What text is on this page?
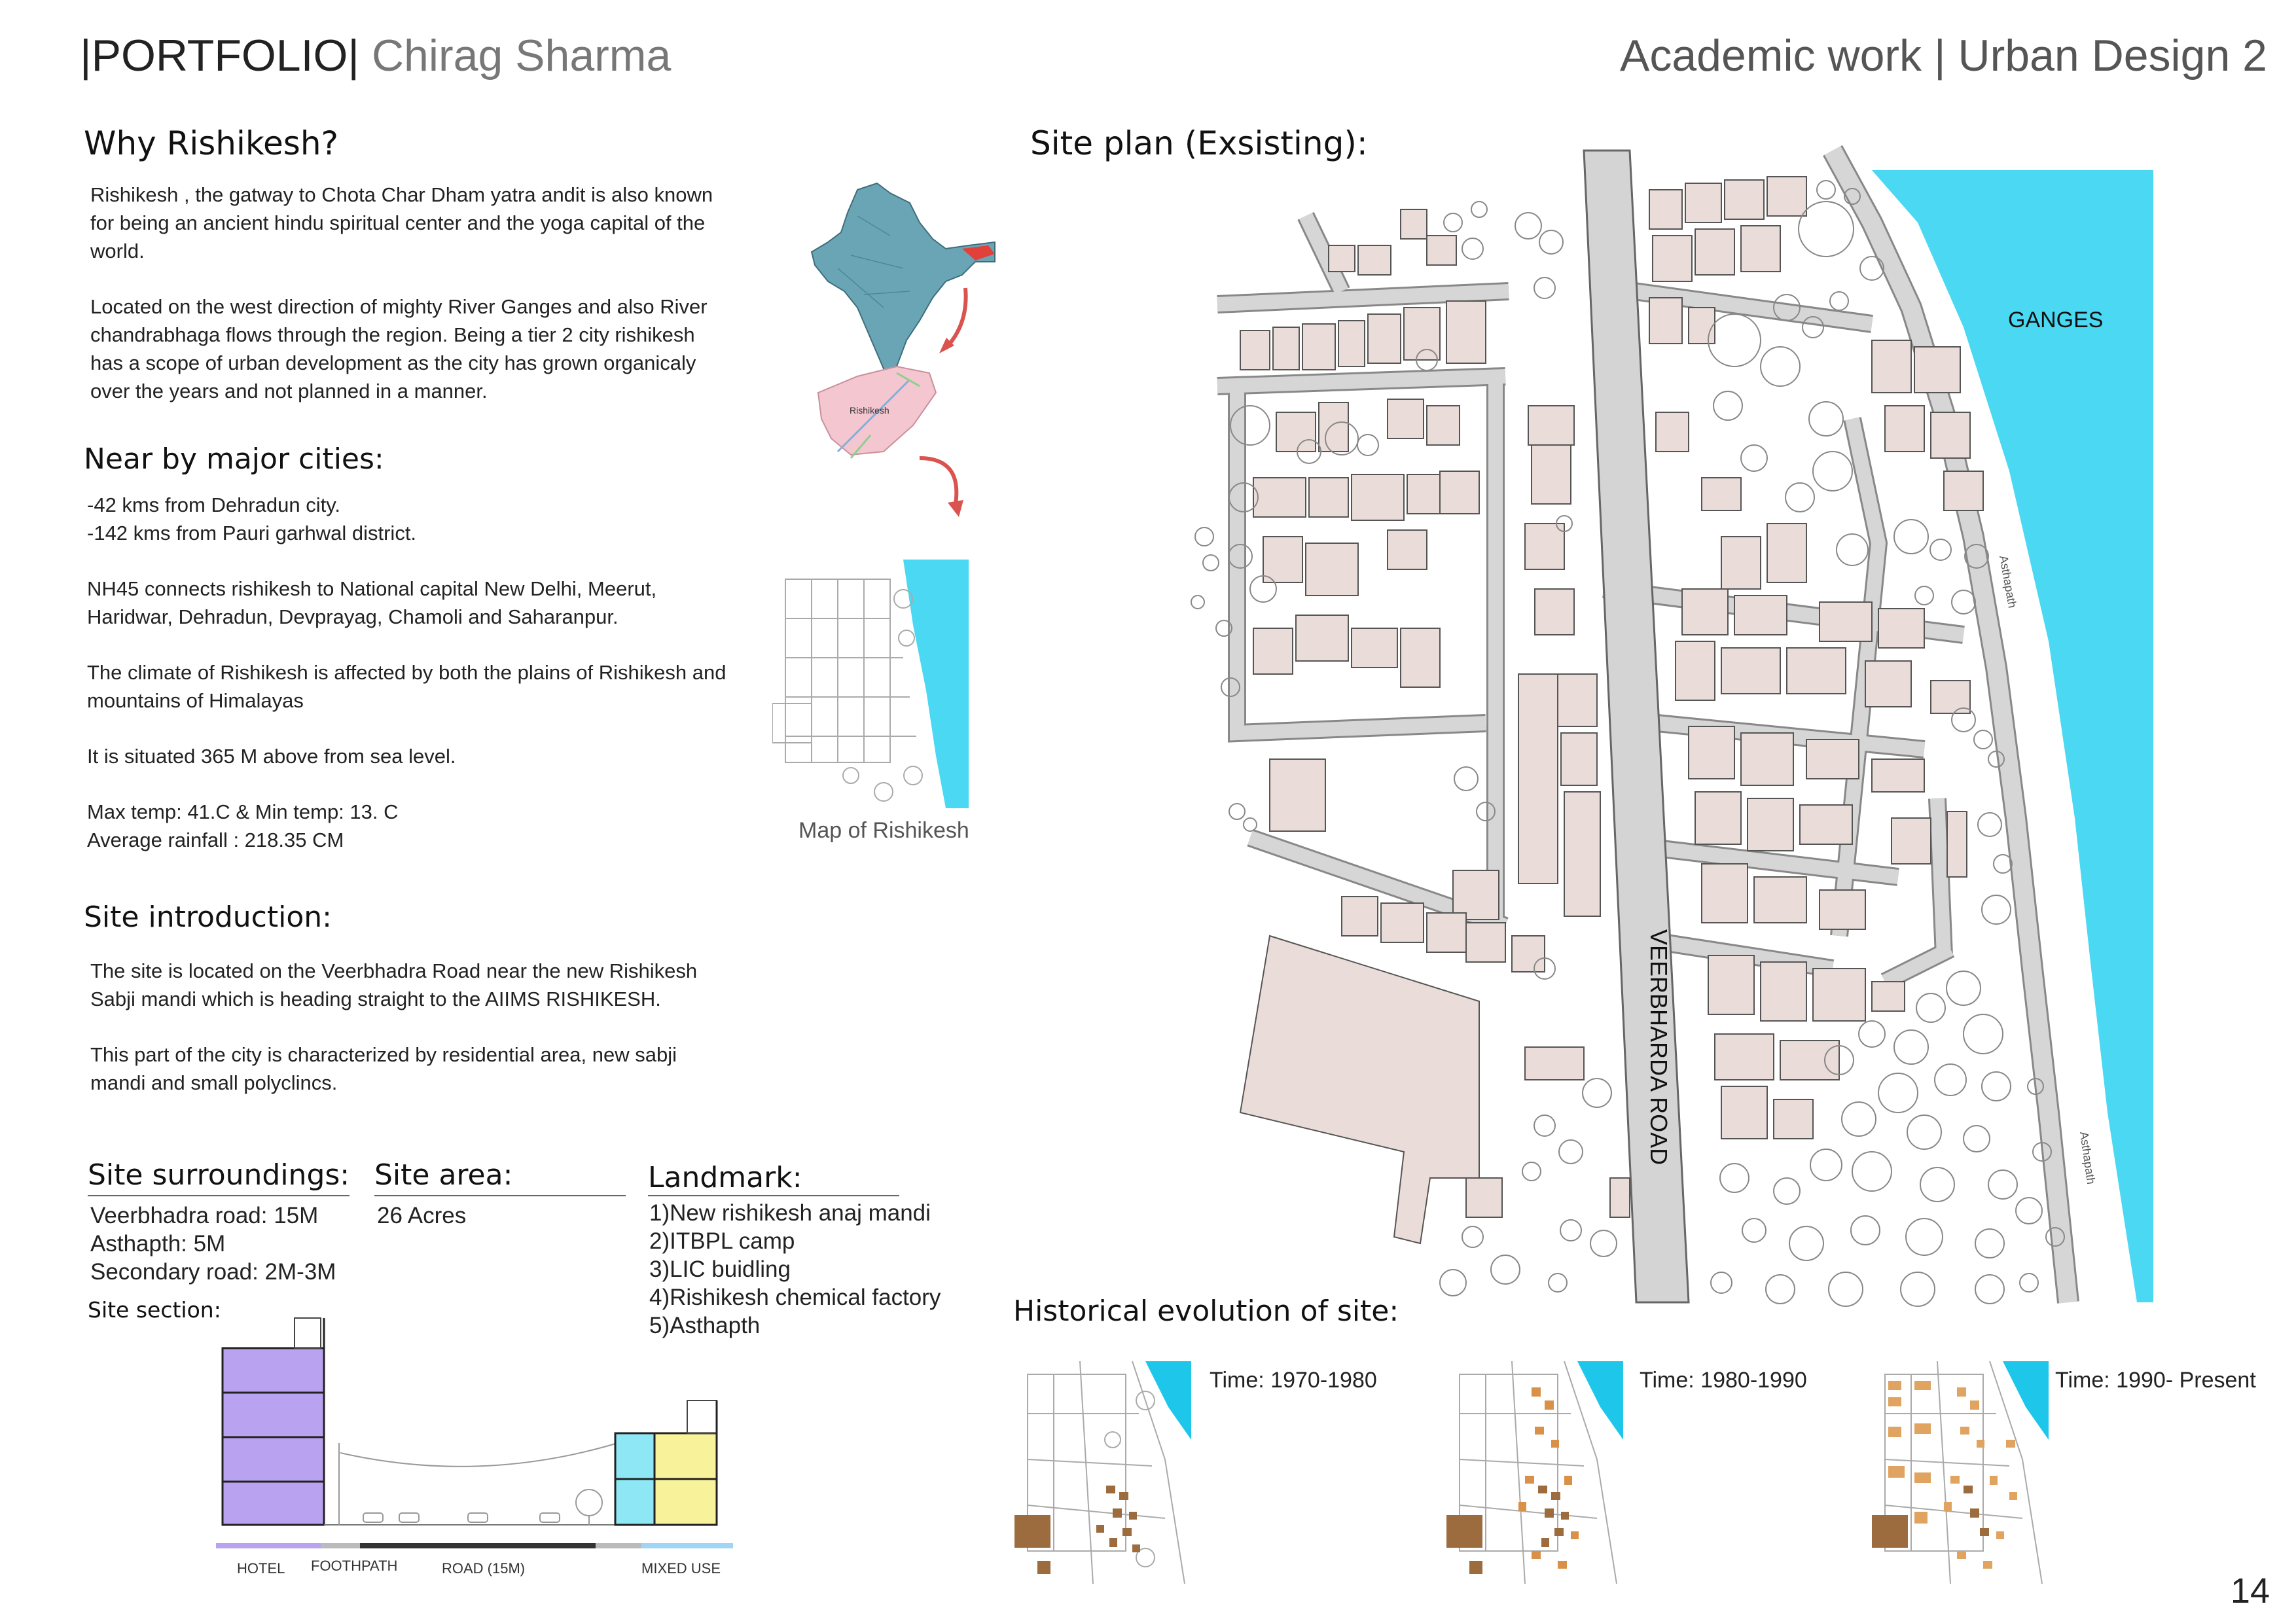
|PORTFOLIO| Chirag Sharma	Academic work | Urban Design 2
Why Rishikesh?

Rishikesh , the gatway to Chota Char Dham yatra andit is also known for being an ancient hindu spiritual center and the yoga capital of the world.

Located on the west direction of mighty River Ganges and also River chandrabhaga flows through the region. Being a tier 2 city rishikesh has a scope of urban development as the city has grown organicaly over the years and not planned in a manner.

Near by major cities:

-42 kms from Dehradun city.
-142 kms from Pauri garhwal district.

NH45 connects rishikesh to National capital New Delhi, Meerut, Haridwar, Dehradun, Devprayag, Chamoli and Saharanpur.

The climate of Rishikesh is affected by both the plains of Rishikesh and mountains of Himalayas

It is situated 365 M above from sea level.

Max temp: 41.C & Min temp: 13. C
Average rainfall : 218.35 CM

Site introduction:

The site is located on the Veerbhadra Road near the new Rishikesh Sabji mandi which is heading straight to the AIIMS RISHIKESH.

This part of the city is characterized by residential area, new sabji mandi and small polyclincs.

Site surroundings:
Veerbhadra road: 15M
Asthapth: 5M
Secondary road: 2M-3M
Site area:
26 Acres
Landmark:
1)New rishikesh anaj mandi
2)ITBPL camp
3)LIC buidling
4)Rishikesh chemical factory
5)Asthapth
Site section:
HOTEL FOOTHPATH	ROAD (15M)	MIXED USE
Rishikesh
Map of Rishikesh
Site plan (Exsisting):
GANGES
Asthapath
Asthapath
VEERBHARDA ROAD
Historical evolution of site:
Time: 1970-1980	Time: 1980-1990	Time: 1990- Present
14
